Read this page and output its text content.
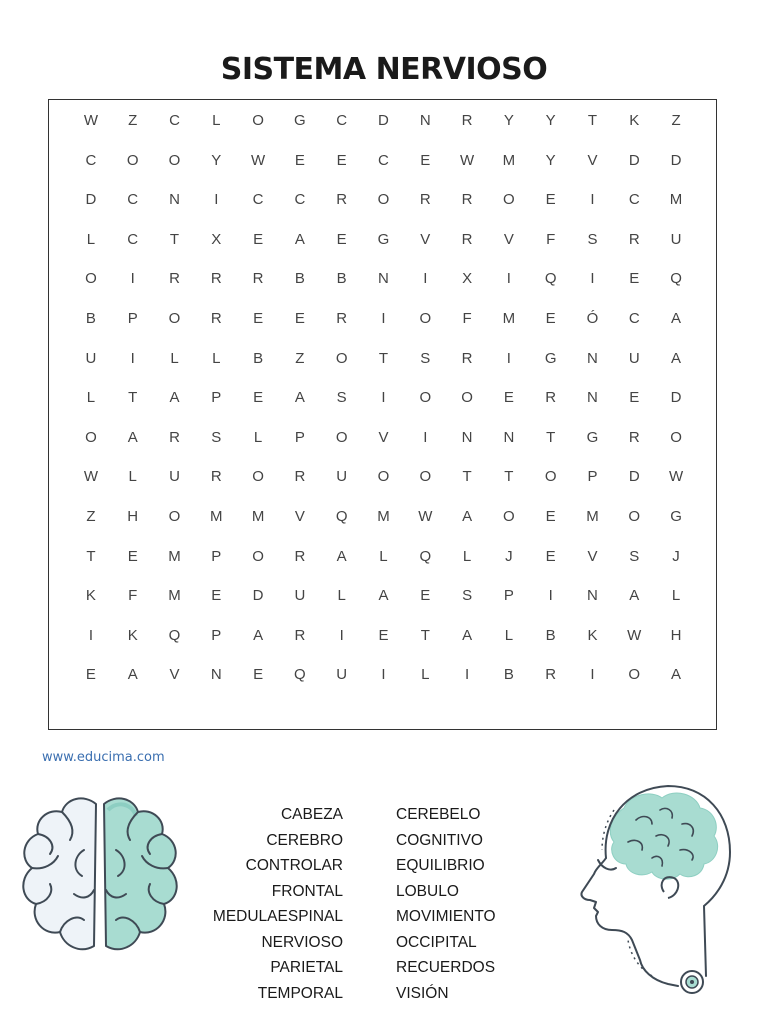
SISTEMA NERVIOSO
W	Z	C	L	O	G	C	D	N	R	Y	Y	T	K	Z
C	O	O	Y	W	E	E	C	E	W	M	Y	V	D	D
D	C	N	I	C	C	R	O	R	R	O	E	I	C	M
L	C	T	X	E	A	E	G	V	R	V	F	S	R	U
O	I	R	R	R	B	B	N	I	X	I	Q	I	E	Q
B	P	O	R	E	E	R	I	O	F	M	E	Ó	C	A
U	I	L	L	B	Z	O	T	S	R	I	G	N	U	A
L	T	A	P	E	A	S	I	O	O	E	R	N	E	D
O	A	R	S	L	P	O	V	I	N	N	T	G	R	O
W	L	U	R	O	R	U	O	O	T	T	O	P	D	W
Z	H	O	M	M	V	Q	M	W	A	O	E	M	O	G
T	E	M	P	O	R	A	L	Q	L	J	E	V	S	J
K	F	M	E	D	U	L	A	E	S	P	I	N	A	L
I	K	Q	P	A	R	I	E	T	A	L	B	K	W	H
E	A	V	N	E	Q	U	I	L	I	B	R	I	O	A
www.educima.com
CABEZA
CEREBRO
CONTROLAR
FRONTAL
MEDULAESPINAL
NERVIOSO
PARIETAL
TEMPORAL
CEREBELO
COGNITIVO
EQUILIBRIO
LOBULO
MOVIMIENTO
OCCIPITAL
RECUERDOS
VISIÓN
